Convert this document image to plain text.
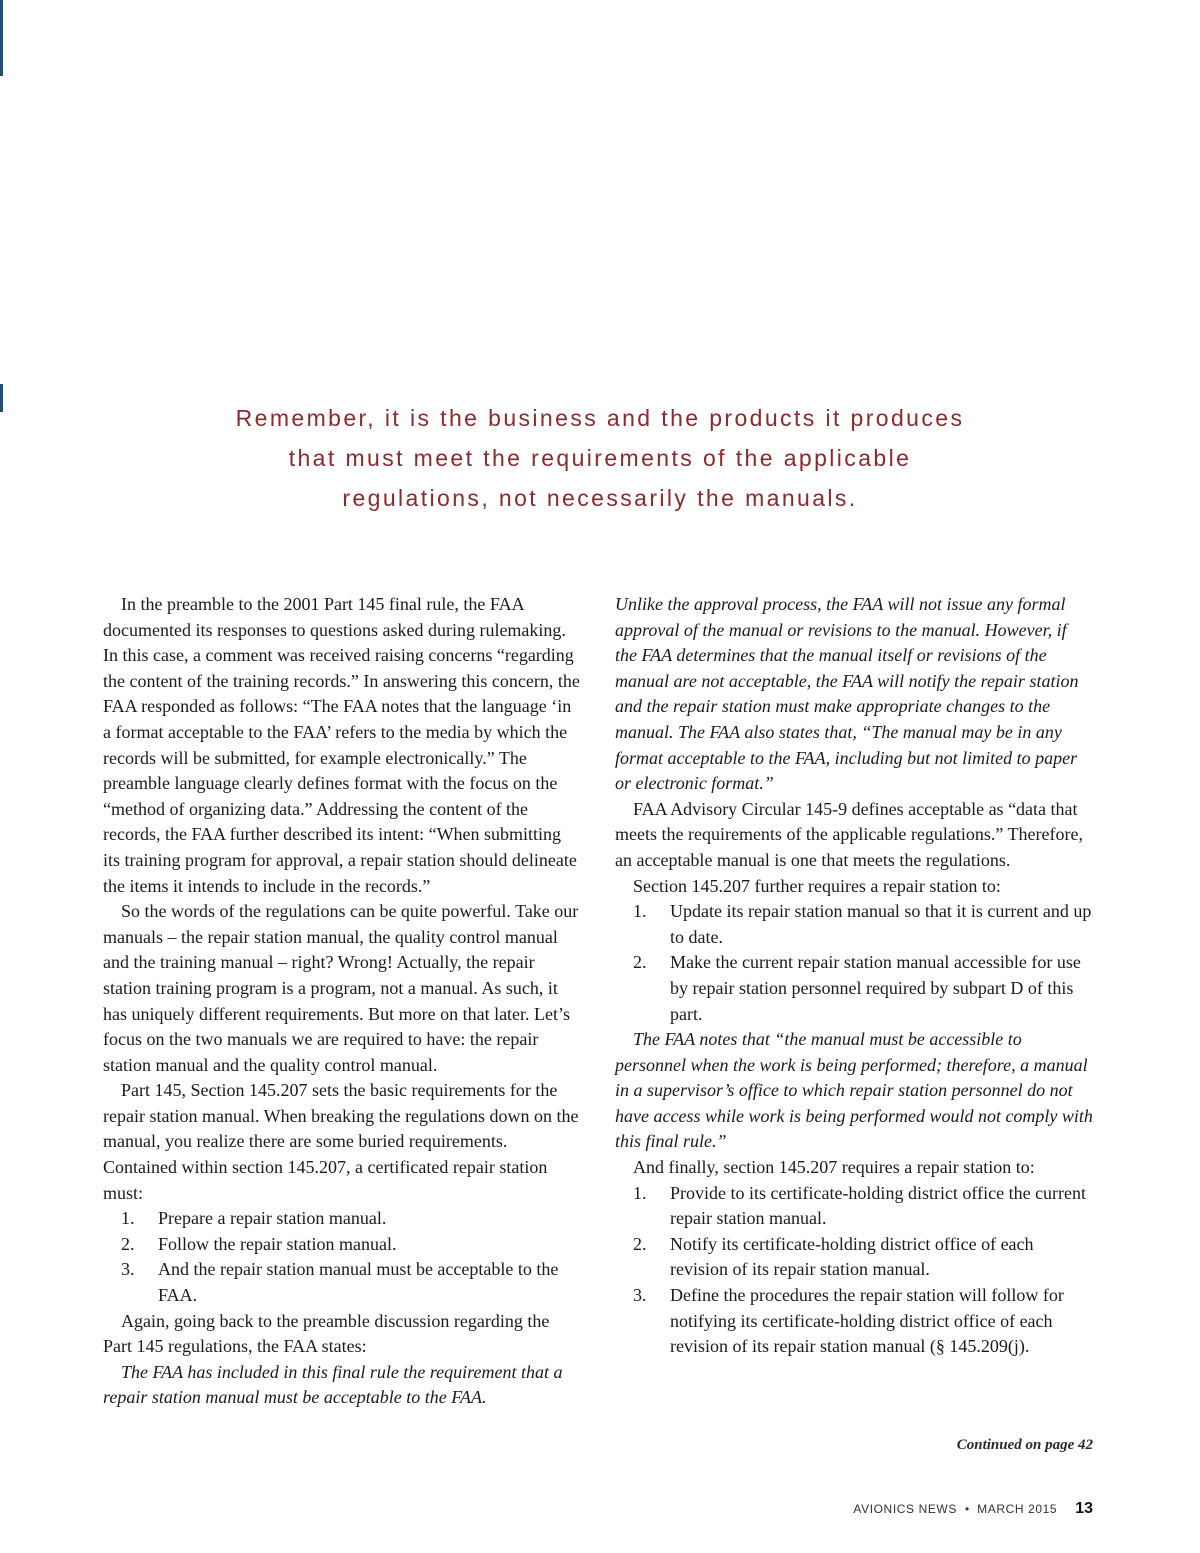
Remember, it is the business and the products it produces
that must meet the requirements of the applicable
regulations, not necessarily the manuals.

In the preamble to the 2001 Part 145 final rule, the FAA documented its responses to questions asked during rulemaking. In this case, a comment was received raising concerns “regarding the content of the training records.” In answering this concern, the FAA responded as follows: “The FAA notes that the language ‘in a format acceptable to the FAA’ refers to the media by which the records will be submitted, for example electronically.” The preamble language clearly defines format with the focus on the “method of organizing data.” Addressing the content of the records, the FAA further described its intent: “When submitting its training program for approval, a repair station should delineate the items it intends to include in the records.”

So the words of the regulations can be quite powerful. Take our manuals – the repair station manual, the quality control manual and the training manual – right? Wrong! Actually, the repair station training program is a program, not a manual. As such, it has uniquely different requirements. But more on that later. Let’s focus on the two manuals we are required to have: the repair station manual and the quality control manual.

Part 145, Section 145.207 sets the basic requirements for the repair station manual. When breaking the regulations down on the manual, you realize there are some buried requirements. Contained within section 145.207, a certificated repair station must:

1. Prepare a repair station manual.
2. Follow the repair station manual.
3. And the repair station manual must be acceptable to the FAA.

Again, going back to the preamble discussion regarding the Part 145 regulations, the FAA states:

The FAA has included in this final rule the requirement that a repair station manual must be acceptable to the FAA.

Unlike the approval process, the FAA will not issue any formal approval of the manual or revisions to the manual. However, if the FAA determines that the manual itself or revisions of the manual are not acceptable, the FAA will notify the repair station and the repair station must make appropriate changes to the manual. The FAA also states that, “The manual may be in any format acceptable to the FAA, including but not limited to paper or electronic format.”

FAA Advisory Circular 145-9 defines acceptable as “data that meets the requirements of the applicable regulations.” Therefore, an acceptable manual is one that meets the regulations.

Section 145.207 further requires a repair station to:

1. Update its repair station manual so that it is current and up to date.
2. Make the current repair station manual accessible for use by repair station personnel required by subpart D of this part.

The FAA notes that “the manual must be accessible to personnel when the work is being performed; therefore, a manual in a supervisor’s office to which repair station personnel do not have access while work is being performed would not comply with this final rule.”

And finally, section 145.207 requires a repair station to:

1. Provide to its certificate-holding district office the current repair station manual.
2. Notify its certificate-holding district office of each revision of its repair station manual.
3. Define the procedures the repair station will follow for notifying its certificate-holding district office of each revision of its repair station manual (§ 145.209(j).
Continued on page 42
AVIONICS NEWS • MARCH 2015 13
